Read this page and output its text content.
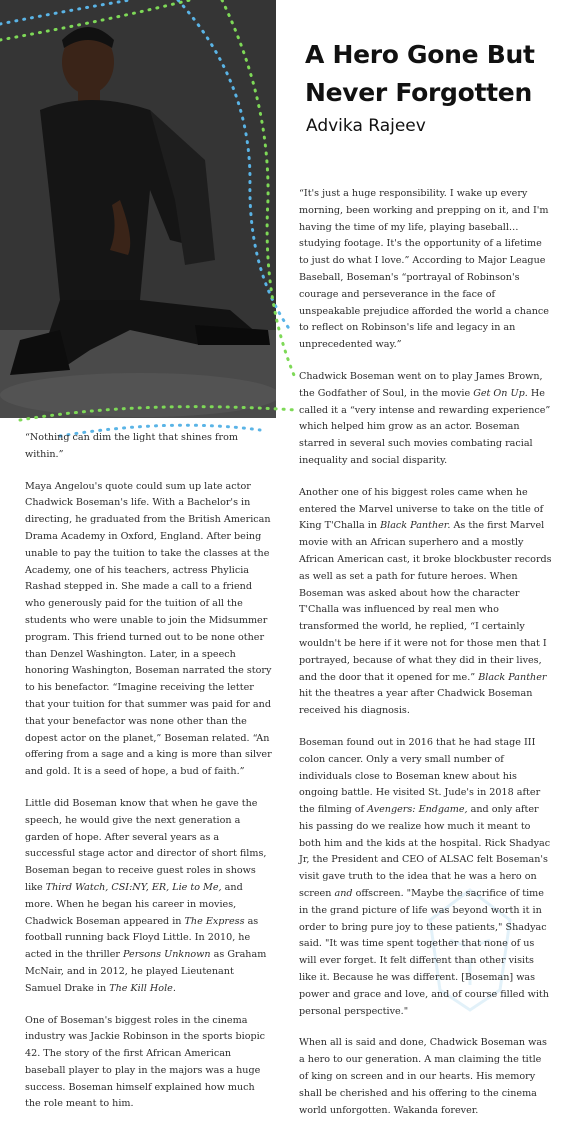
A Hero Gone But
Never Forgotten
Advika Rajeev

“Nothing can dim the light that shines from within.”

Maya Angelou's quote could sum up late actor Chadwick Boseman's life. With a Bachelor's in directing, he graduated from the British American Drama Academy in Oxford, England. After being unable to pay the tuition to take the classes at the Academy, one of his teachers, actress Phylicia Rashad stepped in. She made a call to a friend who generously paid for the tuition of all the students who were unable to join the Midsummer program. This friend turned out to be none other than Denzel Washington. Later, in a speech honoring Washington, Boseman narrated the story to his benefactor. “Imagine receiving the letter that your tuition for that summer was paid for and that your benefactor was none other than the dopest actor on the planet,” Boseman related. “An offering from a sage and a king is more than silver and gold. It is a seed of hope, a bud of faith.”

Little did Boseman know that when he gave the speech, he would give the next generation a garden of hope. After several years as a successful stage actor and director of short films, Boseman began to receive guest roles in shows like Third Watch, CSI:NY, ER, Lie to Me, and more. When he began his career in movies, Chadwick Boseman appeared in The Express as football running back Floyd Little. In 2010, he acted in the thriller Persons Unknown as Graham McNair, and in 2012, he played Lieutenant Samuel Drake in The Kill Hole.

One of Boseman's biggest roles in the cinema industry was Jackie Robinson in the sports biopic 42. The story of the first African American baseball player to play in the majors was a huge success. Boseman himself explained how much the role meant to him.

“It's just a huge responsibility. I wake up every morning, been working and prepping on it, and I'm having the time of my life, playing baseball… studying footage. It's the opportunity of a lifetime to just do what I love.” According to Major League Baseball, Boseman's “portrayal of Robinson's courage and perseverance in the face of unspeakable prejudice afforded the world a chance to reflect on Robinson's life and legacy in an unprecedented way.”

Chadwick Boseman went on to play James Brown, the Godfather of Soul, in the movie Get On Up. He called it a “very intense and rewarding experience” which helped him grow as an actor. Boseman starred in several such movies combating racial inequality and social disparity.

Another one of his biggest roles came when he entered the Marvel universe to take on the title of King T'Challa in Black Panther. As the first Marvel movie with an African superhero and a mostly African American cast, it broke blockbuster records as well as set a path for future heroes. When Boseman was asked about how the character T'Challa was influenced by real men who transformed the world, he replied, “I certainly wouldn't be here if it were not for those men that I portrayed, because of what they did in their lives, and the door that it opened for me.” Black Panther hit the theatres a year after Chadwick Boseman received his diagnosis.

Boseman found out in 2016 that he had stage III colon cancer. Only a very small number of individuals close to Boseman knew about his ongoing battle. He visited St. Jude's in 2018 after the filming of Avengers: Endgame, and only after his passing do we realize how much it meant to both him and the kids at the hospital. Rick Shadyac Jr, the President and CEO of ALSAC felt Boseman's visit gave truth to the idea that he was a hero on screen and offscreen. "Maybe the sacrifice of time in the grand picture of life was beyond worth it in order to bring pure joy to these patients," Shadyac said. "It was time spent together that none of us will ever forget. It felt different than other visits like it. Because he was different. [Boseman] was power and grace and love, and of course filled with personal perspective."

When all is said and done, Chadwick Boseman was a hero to our generation. A man claiming the title of king on screen and in our hearts. His memory shall be cherished and his offering to the cinema world unforgotten. Wakanda forever.
